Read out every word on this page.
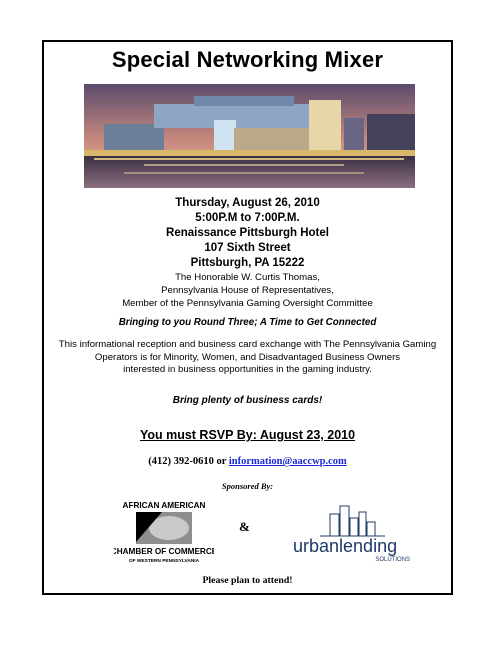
Special Networking Mixer
Thursday, August 26, 2010
5:00P.M to 7:00P.M.
Renaissance Pittsburgh Hotel
107 Sixth Street
Pittsburgh, PA 15222
The Honorable W. Curtis Thomas,
Pennsylvania House of Representatives,
Member of the Pennsylvania Gaming Oversight Committee
Bringing to you Round Three; A Time to Get Connected
This informational reception and business card exchange with The Pennsylvania Gaming
Operators is for Minority, Women, and Disadvantaged Business Owners
interested in business opportunities in the gaming industry.
Bring plenty of business cards!
You must RSVP By: August 23, 2010
(412) 392-0610 or information@aaccwp.com
Sponsored By:
AFRICAN AMERICAN
CHAMBER OF COMMERCE
OF WESTERN PENNSYLVANIA
&
urbanlending
SOLUTIONS
Please plan to attend!
